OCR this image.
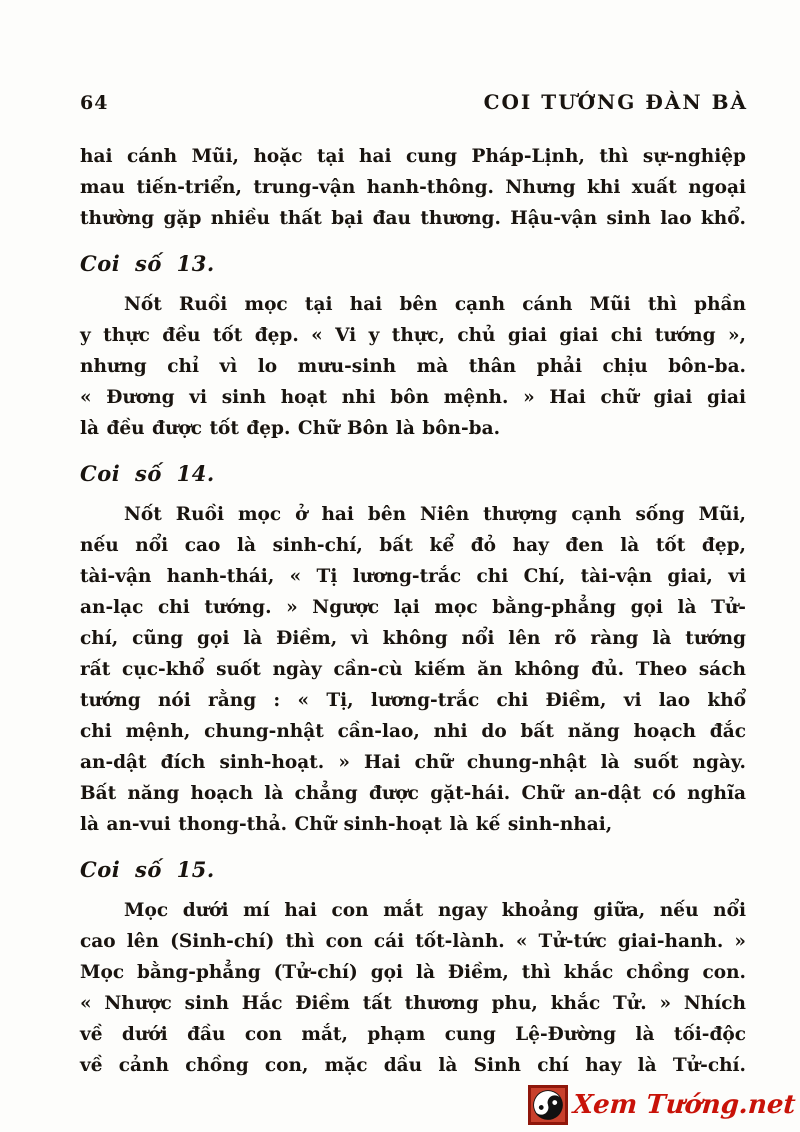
64	COI TƯỚNG ĐÀN BÀ
hai cánh Mũi, hoặc tại hai cung Pháp-Lịnh, thì sự-nghiệp
mau tiến-triển, trung-vận hanh-thông. Nhưng khi xuất ngoại
thường gặp nhiều thất bại đau thương. Hậu-vận sinh lao khổ.
Coi số 13.
Nốt Ruồi mọc tại hai bên cạnh cánh Mũi thì phần
y thực đều tốt đẹp. « Vi y thực, chủ giai giai chi tướng »,
nhưng chỉ vì lo mưu-sinh mà thân phải chịu bôn-ba.
« Đương vi sinh hoạt nhi bôn mệnh. » Hai chữ giai giai
là đều được tốt đẹp. Chữ Bôn là bôn-ba.
Coi số 14.
Nốt Ruồi mọc ở hai bên Niên thượng cạnh sống Mũi,
nếu nổi cao là sinh-chí, bất kể đỏ hay đen là tốt đẹp,
tài-vận hanh-thái, « Tị lương-trắc chi Chí, tài-vận giai, vi
an-lạc chi tướng. » Ngược lại mọc bằng-phẳng gọi là Tử-
chí, cũng gọi là Điềm, vì không nổi lên rõ ràng là tướng
rất cục-khổ suốt ngày cần-cù kiếm ăn không đủ. Theo sách
tướng nói rằng : « Tị, lương-trắc chi Điềm, vi lao khổ
chi mệnh, chung-nhật cần-lao, nhi do bất năng hoạch đắc
an-dật đích sinh-hoạt. » Hai chữ chung-nhật là suốt ngày.
Bất năng hoạch là chẳng được gặt-hái. Chữ an-dật có nghĩa
là an-vui thong-thả. Chữ sinh-hoạt là kế sinh-nhai,
Coi số 15.
Mọc dưới mí hai con mắt ngay khoảng giữa, nếu nổi
cao lên (Sinh-chí) thì con cái tốt-lành. « Tử-tức giai-hanh. »
Mọc bằng-phẳng (Tử-chí) gọi là Điềm, thì khắc chồng con.
« Nhược sinh Hắc Điềm tất thương phu, khắc Tử. » Nhích
về dưới đầu con mắt, phạm cung Lệ-Đường là tối-độc
về cảnh chồng con, mặc dầu là Sinh chí hay là Tử-chí.
Xem Tướng.net
